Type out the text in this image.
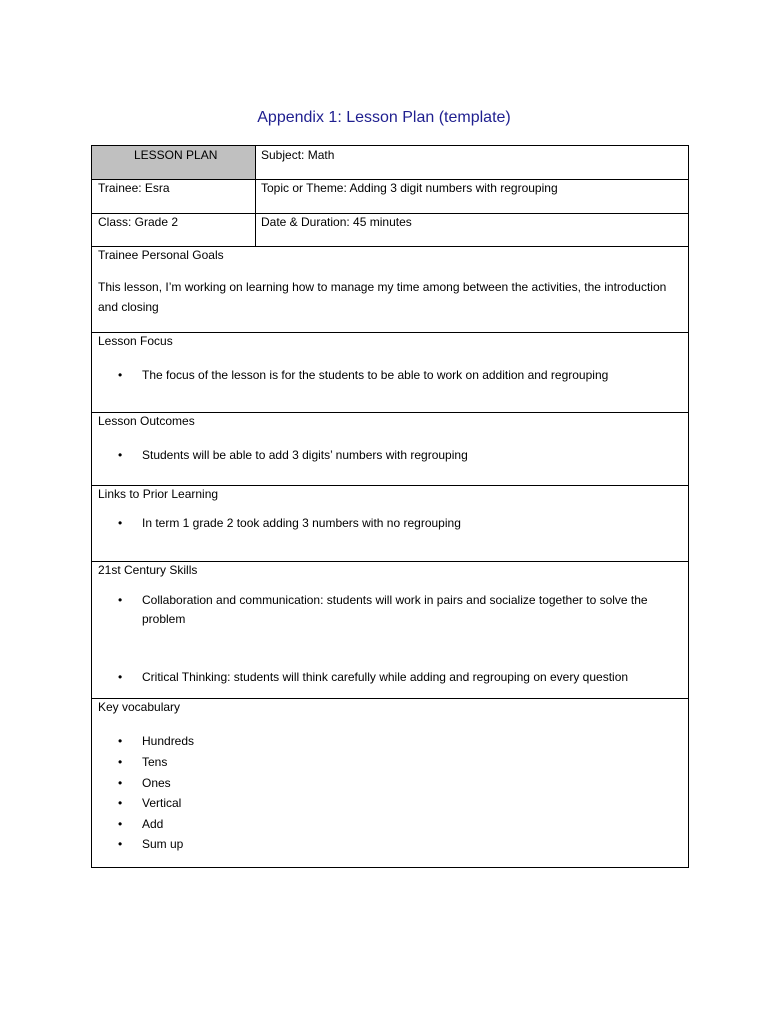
Appendix 1: Lesson Plan (template)
LESSON PLAN	Subject: Math
Trainee: Esra	Topic or Theme: Adding 3 digit numbers with regrouping
Class: Grade 2	Date & Duration: 45 minutes
Trainee Personal Goals
This lesson, I’m working on learning how to manage my time among between the activities, the introduction and closing
Lesson Focus
•	The focus of the lesson is for the students to be able to work on addition and regrouping
Lesson Outcomes
•	Students will be able to add 3 digits’ numbers with regrouping
Links to Prior Learning
•	In term 1 grade 2 took adding 3 numbers with no regrouping
21st Century Skills
•	Collaboration and communication: students will work in pairs and socialize together to solve the problem
•	Critical Thinking: students will think carefully while adding and regrouping on every question
Key vocabulary
•	Hundreds
•	Tens
•	Ones
•	Vertical
•	Add
•	Sum up
